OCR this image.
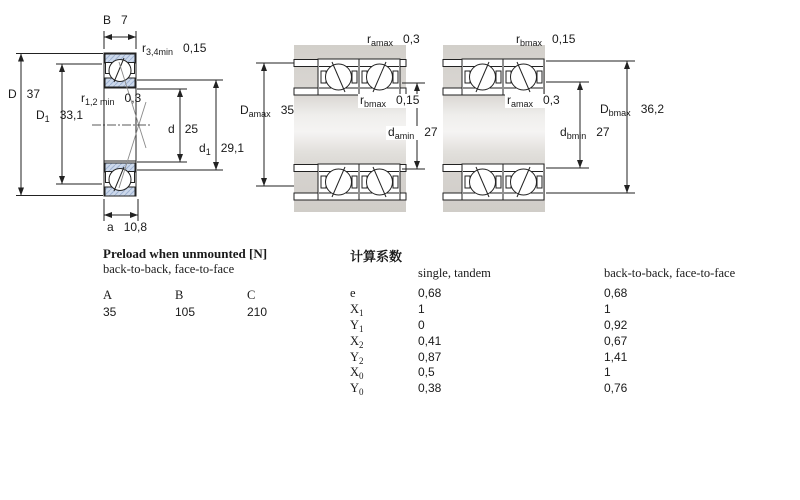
B 7
$r_{3,4min}$ 0,15
D 37
$D_1$ 33,1
$r_{1,2 min}$ 0,3
d 25
$d_1$ 29,1
a 10,8
$r_{amax}$ 0,3
$r_{bmax}$ 0,15
$D_{amax}$ 35
$d_{amin}$ 27
$r_{bmax}$ 0,15
$r_{amax}$ 0,3
$D_{bmax}$ 36,2
$d_{bmin}$ 27
Preload when unmounted [N]
back-to-back, face-to-face
A	B	C
35	105	210
计算系数
single, tandem	back-to-back, face-to-face
e	0,68	0,68
$X_1$	1	1
$Y_1$	0	0,92
$X_2$	0,41	0,67
$Y_2$	0,87	1,41
$X_0$	0,5	1
$Y_0$	0,38	0,76
